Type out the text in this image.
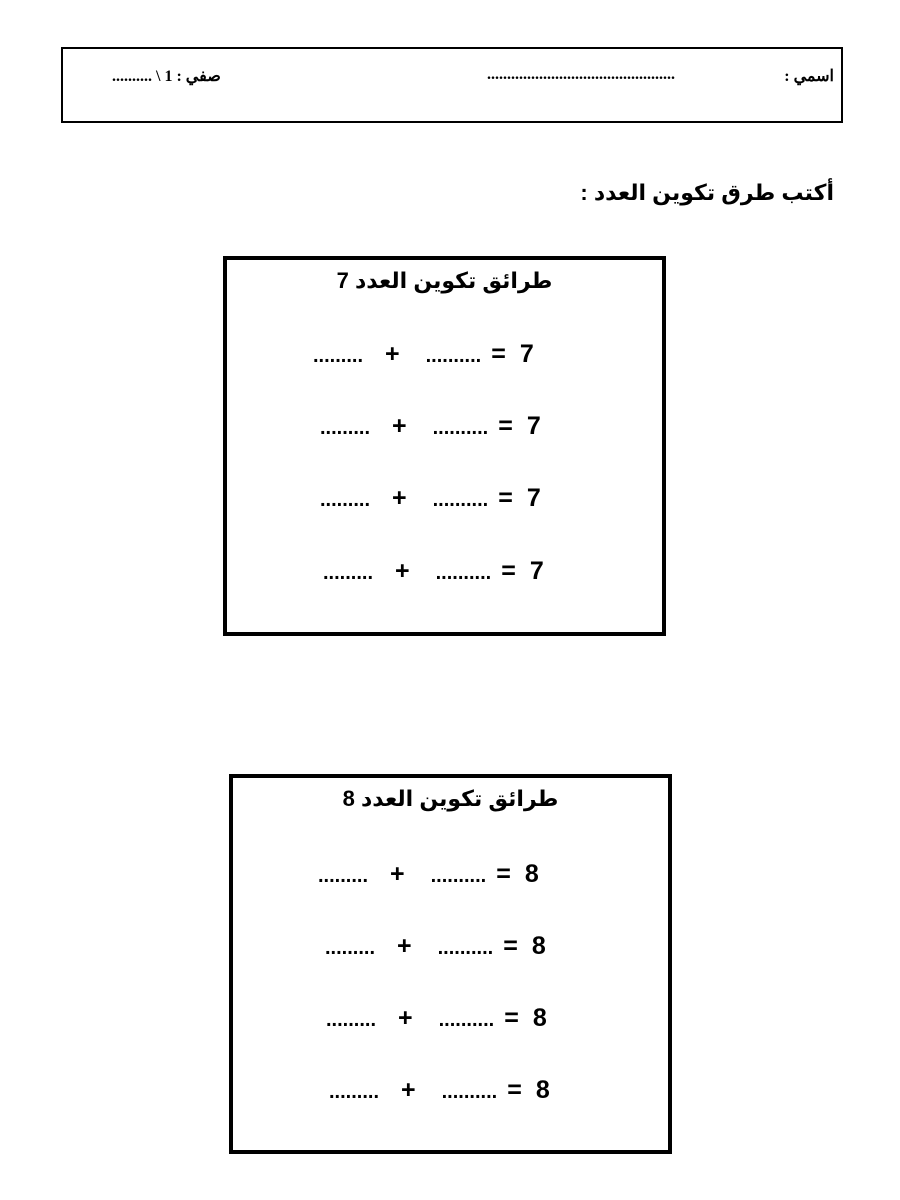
اسمي :
...............................................
صفي : 1 \ ..........
أكتب طرق تكوين العدد :
طرائق تكوين العدد 7
......... + .......... = 7
......... + .......... = 7
......... + .......... = 7
......... + .......... = 7
طرائق تكوين العدد 8
......... + .......... = 8
......... + .......... = 8
......... + .......... = 8
......... + .......... = 8
